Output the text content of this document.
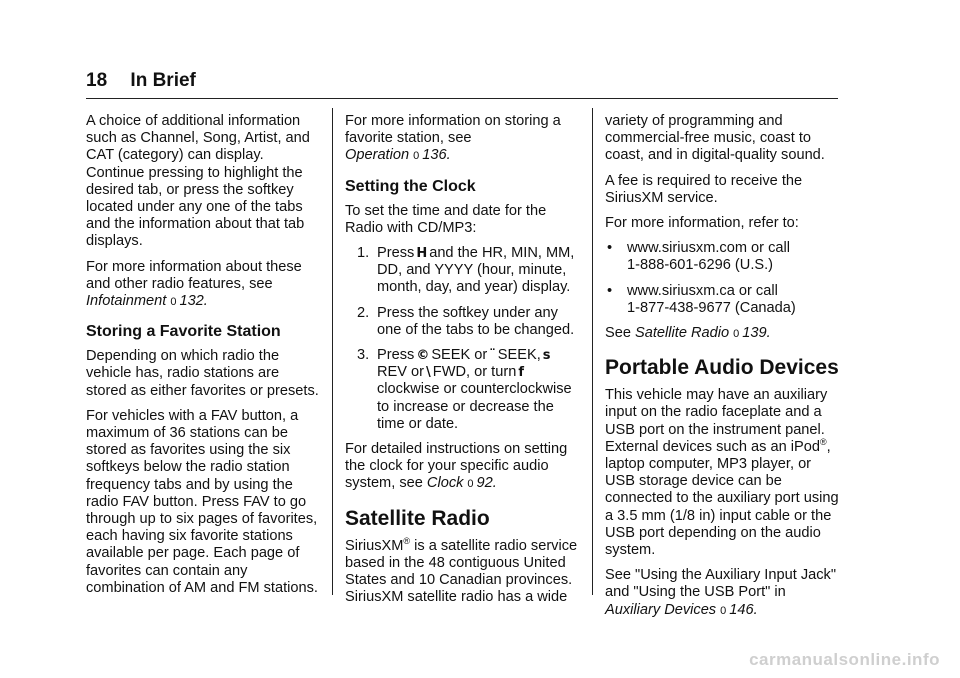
18 In Brief

A choice of additional information such as Channel, Song, Artist, and CAT (category) can display. Continue pressing to highlight the desired tab, or press the softkey located under any one of the tabs and the information about that tab displays.

For more information about these and other radio features, see Infotainment 0 132.

Storing a Favorite Station

Depending on which radio the vehicle has, radio stations are stored as either favorites or presets.

For vehicles with a FAV button, a maximum of 36 stations can be stored as favorites using the six softkeys below the radio station frequency tabs and by using the radio FAV button. Press FAV to go through up to six pages of favorites, each having six favorite stations available per page. Each page of favorites can contain any combination of AM and FM stations.

For more information on storing a favorite station, see Operation 0 136.

Setting the Clock

To set the time and date for the Radio with CD/MP3:

1. Press H and the HR, MIN, MM, DD, and YYYY (hour, minute, month, day, and year) display.
2. Press the softkey under any one of the tabs to be changed.
3. Press © SEEK or ¨ SEEK, s
REV or \ FWD, or turn f
clockwise or counterclockwise to increase or decrease the time or date.

For detailed instructions on setting the clock for your specific audio system, see Clock 0 92.

Satellite Radio

SiriusXM® is a satellite radio service based in the 48 contiguous United States and 10 Canadian provinces. SiriusXM satellite radio has a wide

variety of programming and commercial-free music, coast to coast, and in digital-quality sound.

A fee is required to receive the SiriusXM service.

For more information, refer to:

• www.siriusxm.com or call
1-888-601-6296 (U.S.)
• www.siriusxm.ca or call
1-877-438-9677 (Canada)

See Satellite Radio 0 139.

Portable Audio Devices

This vehicle may have an auxiliary input on the radio faceplate and a USB port on the instrument panel. External devices such as an iPod®, laptop computer, MP3 player, or USB storage device can be connected to the auxiliary port using a 3.5 mm (1/8 in) input cable or the USB port depending on the audio system.

See "Using the Auxiliary Input Jack" and "Using the USB Port" in Auxiliary Devices 0 146.

carmanualsonline.info
